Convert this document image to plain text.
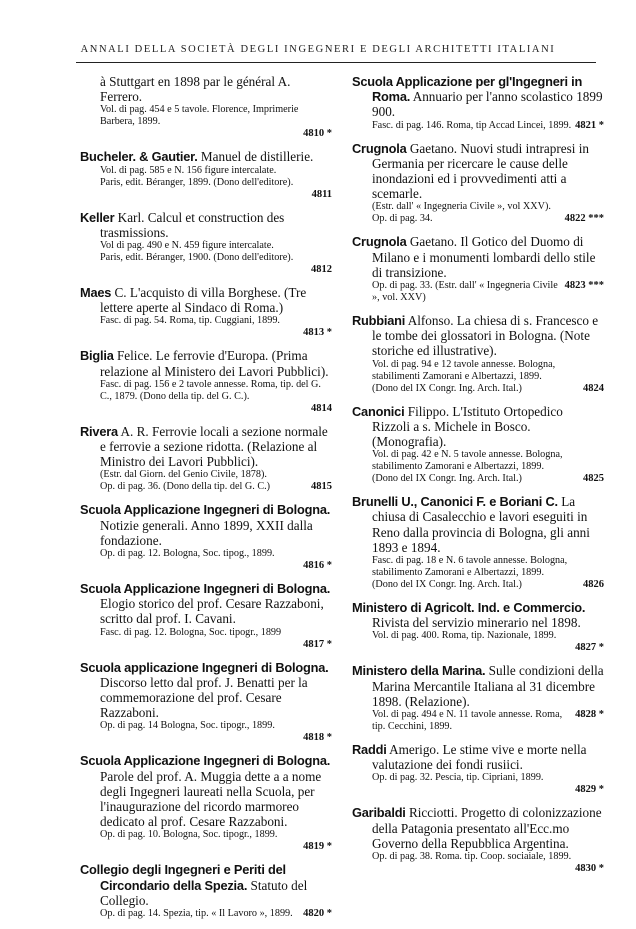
ANNALI DELLA SOCIETÀ DEGLI INGEGNERI E DEGLI ARCHITETTI ITALIANI

à Stuttgart en 1898 par le général A. Ferrero.

Vol. di pag. 454 e 5 tavole. Florence, Imprimerie Barbera, 1899.

4810 *

Bucheler. & Gautier. Manuel de distillerie.

Vol. di pag. 585 e N. 156 figure intercalate.

Paris, edit. Béranger, 1899. (Dono dell'editore).

4811

Keller Karl. Calcul et construction des trasmissions.

Vol di pag. 490 e N. 459 figure intercalate.

Paris, edit. Béranger, 1900. (Dono dell'editore).

4812

Maes C. L'acquisto di villa Borghese. (Tre lettere aperte al Sindaco di Roma.)

Fasc. di pag. 54. Roma, tip. Cuggiani, 1899.

4813 *

Biglia Felice. Le ferrovie d'Europa. (Prima relazione al Ministero dei Lavori Pubblici).

Fasc. di pag. 156 e 2 tavole annesse. Roma, tip. del G. C., 1879. (Dono della tip. del G. C.).

4814

Rivera A. R. Ferrovie locali a sezione normale e ferrovie a sezione ridotta. (Relazione al Ministro dei Lavori Pubblici).

(Estr. dal Giorn. del Genio Civile, 1878).

4815
Op. di pag. 36. (Dono della tip. del G. C.)

Scuola Applicazione Ingegneri di Bologna. Notizie generali. Anno 1899, XXII dalla fondazione.

Op. di pag. 12. Bologna, Soc. tipog., 1899.

4816 *

Scuola Applicazione Ingegneri di Bologna. Elogio storico del prof. Cesare Razzaboni, scritto dal prof. I. Cavani.

Fasc. di pag. 12. Bologna, Soc. tipogr., 1899

4817 *

Scuola applicazione Ingegneri di Bologna. Discorso letto dal prof. J. Benatti per la commemorazione del prof. Cesare Razzaboni.

Op. di pag. 14 Bologna, Soc. tipogr., 1899.

4818 *

Scuola Applicazione Ingegneri di Bologna. Parole del prof. A. Muggia dette a a nome degli Ingegneri laureati nella Scuola, per l'inaugurazione del ricordo marmoreo dedicato al prof. Cesare Razzaboni.

Op. di pag. 10. Bologna, Soc. tipogr., 1899.

4819 *

Collegio degli Ingegneri e Periti del Circondario della Spezia. Statuto del Collegio.

4820 *
Op. di pag. 14. Spezia, tip. « Il Lavoro », 1899.

Scuola Applicazione per gl'Ingegneri in Roma. Annuario per l'anno scolastico 1899 900.

4821 *
Fasc. di pag. 146. Roma, tip Accad Lincei, 1899.

Crugnola Gaetano. Nuovi studi intrapresi in Germania per ricercare le cause delle inondazioni ed i provvedimenti atti a scemarle.

(Estr. dall' « Ingegneria Civile », vol XXV).

4822 ***
Op. di pag. 34.

Crugnola Gaetano. Il Gotico del Duomo di Milano e i monumenti lombardi dello stile di transizione.

4823 ***
Op. di pag. 33. (Estr. dall' « Ingegneria Civile », vol. XXV)

Rubbiani Alfonso. La chiesa di s. Francesco e le tombe dei glossatori in Bologna. (Note storiche ed illustrative).

Vol. di pag. 94 e 12 tavole annesse. Bologna, stabilimenti Zamorani e Albertazzi, 1899.

4824
(Dono del IX Congr. Ing. Arch. Ital.)

Canonici Filippo. L'Istituto Ortopedico Rizzoli a s. Michele in Bosco. (Monografia).

Vol. di pag. 42 e N. 5 tavole annesse. Bologna, stabilimento Zamorani e Albertazzi, 1899.

4825
(Dono del IX Congr. Ing. Arch. Ital.)

Brunelli U., Canonici F. e Boriani C. La chiusa di Casalecchio e lavori eseguiti in Reno dalla provincia di Bologna, gli anni 1893 e 1894.

Fasc. di pag. 18 e N. 6 tavole annesse. Bologna, stabilimento Zamorani e Albertazzi, 1899.

4826
(Dono del IX Congr. Ing. Arch. Ital.)

Ministero di Agricolt. Ind. e Commercio. Rivista del servizio minerario nel 1898.

Vol. di pag. 400. Roma, tip. Nazionale, 1899.

4827 *

Ministero della Marina. Sulle condizioni della Marina Mercantile Italiana al 31 dicembre 1898. (Relazione).

4828 *
Vol. di pag. 494 e N. 11 tavole annesse. Roma, tip. Cecchini, 1899.

Raddi Amerigo. Le stime vive e morte nella valutazione dei fondi rusiici.

Op. di pag. 32. Pescia, tip. Cipriani, 1899.

4829 *

Garibaldi Ricciotti. Progetto di colonizzazione della Patagonia presentato all'Ecc.mo Governo della Repubblica Argentina.

Op. di pag. 38. Roma. tip. Coop. sociaiale, 1899.

4830 *
